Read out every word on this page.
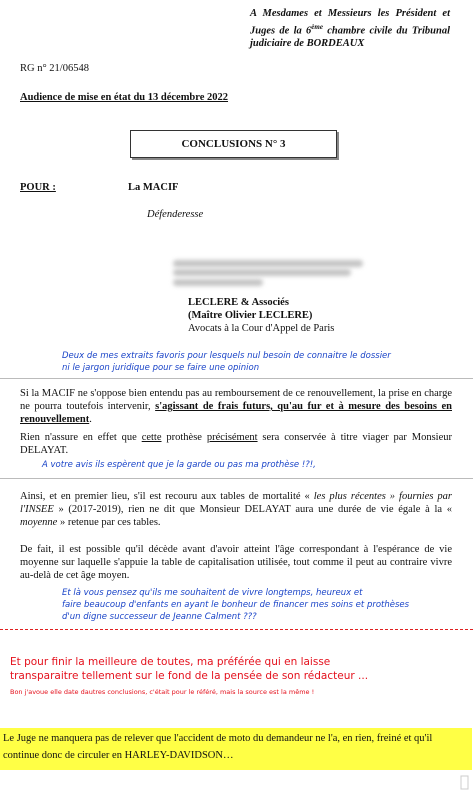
A Mesdames et Messieurs les Président et Juges de la 6ème chambre civile du Tribunal judiciaire de BORDEAUX
RG n° 21/06548
Audience de mise en état du 13 décembre 2022
CONCLUSIONS N° 3
POUR :	La MACIF
Défenderesse
LECLERE & Associés
(Maître Olivier LECLERE)
Avocats à la Cour d'Appel de Paris
Deux de mes extraits favoris pour lesquels nul besoin de connaitre le dossier
ni le jargon juridique pour se faire une opinion
Si la MACIF ne s'oppose bien entendu pas au remboursement de ce renouvellement, la prise en charge ne pourra toutefois intervenir, s'agissant de frais futurs, qu'au fur et à mesure des besoins en renouvellement.
Rien n'assure en effet que cette prothèse précisément sera conservée à titre viager par Monsieur DELAYAT.
A votre avis ils espèrent que je la garde ou pas ma prothèse !?!,
Ainsi, et en premier lieu, s'il est recouru aux tables de mortalité « les plus récentes » fournies par l'INSEE » (2017-2019), rien ne dit que Monsieur DELAYAT aura une durée de vie égale à la « moyenne » retenue par ces tables.
De fait, il est possible qu'il décède avant d'avoir atteint l'âge correspondant à l'espérance de vie moyenne sur laquelle s'appuie la table de capitalisation utilisée, tout comme il peut au contraire vivre au-delà de cet âge moyen.
Et là vous pensez qu'ils me souhaitent de vivre longtemps, heureux et
faire beaucoup d'enfants en ayant le bonheur de financer mes soins et prothèses
d'un digne successeur de Jeanne Calment ???
Et pour finir la meilleure de toutes, ma préférée qui en laisse
transparaitre tellement sur le fond de la pensée de son rédacteur ...
Bon j'avoue elle date dautres conclusions, c'était pour le référé, mais la source est la même !
Le Juge ne manquera pas de relever que l'accident de moto du demandeur ne l'a, en rien, freiné et qu'il continue donc de circuler en HARLEY-DAVIDSON…
